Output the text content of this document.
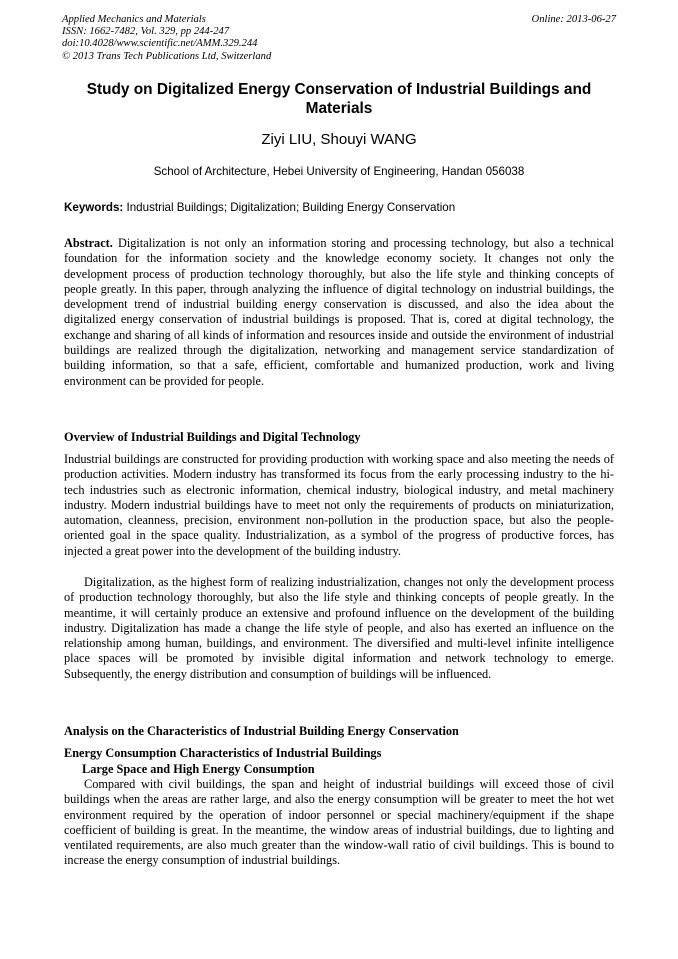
Applied Mechanics and Materials
ISSN: 1662-7482, Vol. 329, pp 244-247
doi:10.4028/www.scientific.net/AMM.329.244
© 2013 Trans Tech Publications Ltd, Switzerland
Online: 2013-06-27
Study on Digitalized Energy Conservation of Industrial Buildings and Materials
Ziyi LIU, Shouyi WANG
School of Architecture, Hebei University of Engineering, Handan 056038
Keywords: Industrial Buildings; Digitalization; Building Energy Conservation

Abstract. Digitalization is not only an information storing and processing technology, but also a technical foundation for the information society and the knowledge economy society. It changes not only the development process of production technology thoroughly, but also the life style and thinking concepts of people greatly. In this paper, through analyzing the influence of digital technology on industrial buildings, the development trend of industrial building energy conservation is discussed, and also the idea about the digitalized energy conservation of industrial buildings is proposed. That is, cored at digital technology, the exchange and sharing of all kinds of information and resources inside and outside the environment of industrial buildings are realized through the digitalization, networking and management service standardization of building information, so that a safe, efficient, comfortable and humanized production, work and living environment can be provided for people.

Overview of Industrial Buildings and Digital Technology

Industrial buildings are constructed for providing production with working space and also meeting the needs of production activities. Modern industry has transformed its focus from the early processing industry to the hi-tech industries such as electronic information, chemical industry, biological industry, and metal machinery industry. Modern industrial buildings have to meet not only the requirements of products on miniaturization, automation, cleanness, precision, environment non-pollution in the production space, but also the people-oriented goal in the space quality. Industrialization, as a symbol of the progress of productive forces, has injected a great power into the development of the building industry.

Digitalization, as the highest form of realizing industrialization, changes not only the development process of production technology thoroughly, but also the life style and thinking concepts of people greatly. In the meantime, it will certainly produce an extensive and profound influence on the development of the building industry. Digitalization has made a change the life style of people, and also has exerted an influence on the relationship among human, buildings, and environment. The diversified and multi-level infinite intelligence place spaces will be promoted by invisible digital information and network technology to emerge. Subsequently, the energy distribution and consumption of buildings will be influenced.

Analysis on the Characteristics of Industrial Building Energy Conservation
Energy Consumption Characteristics of Industrial Buildings
Large Space and High Energy Consumption

Compared with civil buildings, the span and height of industrial buildings will exceed those of civil buildings when the areas are rather large, and also the energy consumption will be greater to meet the hot wet environment required by the operation of indoor personnel or special machinery/equipment if the shape coefficient of building is great. In the meantime, the window areas of industrial buildings, due to lighting and ventilated requirements, are also much greater than the window-wall ratio of civil buildings. This is bound to increase the energy consumption of industrial buildings.
